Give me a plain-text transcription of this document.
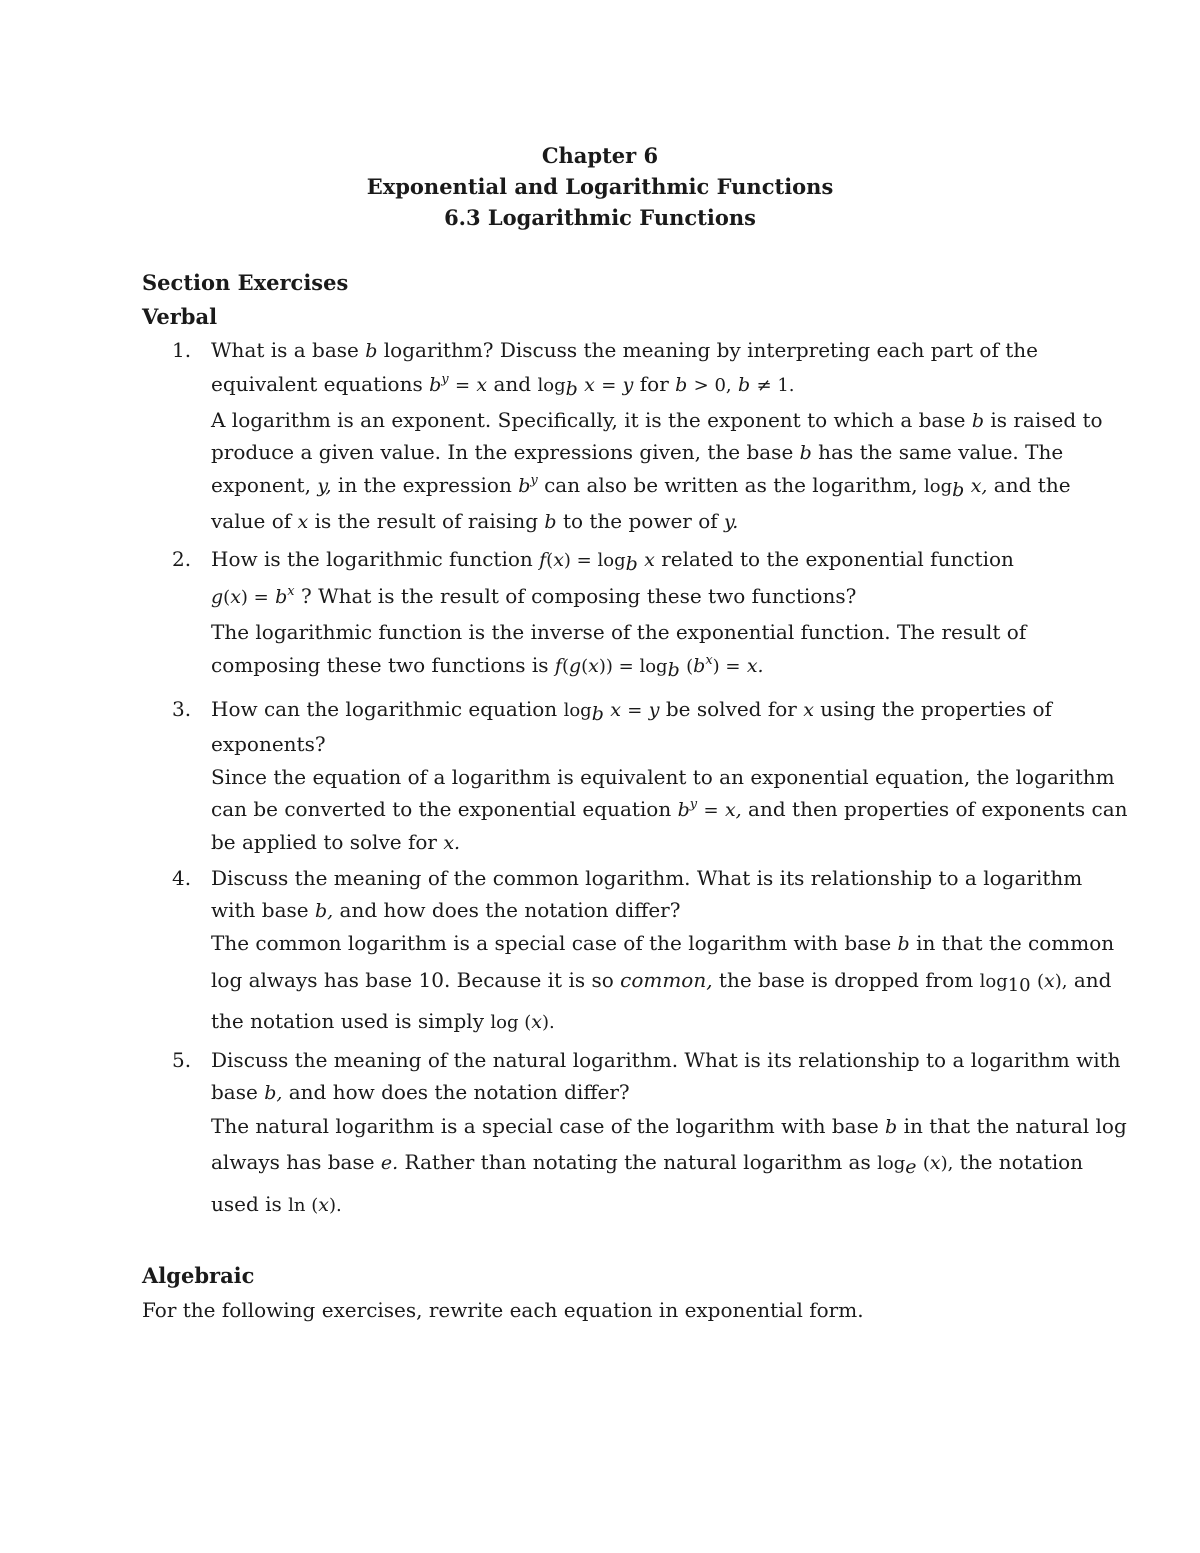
Chapter 6
Exponential and Logarithmic Functions
6.3 Logarithmic Functions
Section Exercises
Verbal
1. What is a base b logarithm? Discuss the meaning by interpreting each part of the
equivalent equations $b^y = x$ and $\log_b x = y$ for b > 0, b ≠ 1.
A logarithm is an exponent. Specifically, it is the exponent to which a base b is raised to
produce a given value. In the expressions given, the base b has the same value. The
exponent, y, in the expression $b^y$ can also be written as the logarithm, $\log_b x$, and the
value of x is the result of raising b to the power of y.
2. How is the logarithmic function $f(x) = \log_b x$ related to the exponential function
$g(x) = b^x$ ? What is the result of composing these two functions?
The logarithmic function is the inverse of the exponential function. The result of
composing these two functions is $f(g(x)) = \log_b (b^x) = x$.
3. How can the logarithmic equation $\log_b x = y$ be solved for x using the properties of
exponents?
Since the equation of a logarithm is equivalent to an exponential equation, the logarithm
can be converted to the exponential equation $b^y = x$, and then properties of exponents can
be applied to solve for x.
4. Discuss the meaning of the common logarithm. What is its relationship to a logarithm
with base b, and how does the notation differ?
The common logarithm is a special case of the logarithm with base b in that the common
log always has base 10. Because it is so common, the base is dropped from $\log_{10} (x)$, and
the notation used is simply log (x).
5. Discuss the meaning of the natural logarithm. What is its relationship to a logarithm with
base b, and how does the notation differ?
The natural logarithm is a special case of the logarithm with base b in that the natural log
always has base e. Rather than notating the natural logarithm as $\log_e (x)$, the notation
used is ln (x).
Algebraic
For the following exercises, rewrite each equation in exponential form.
